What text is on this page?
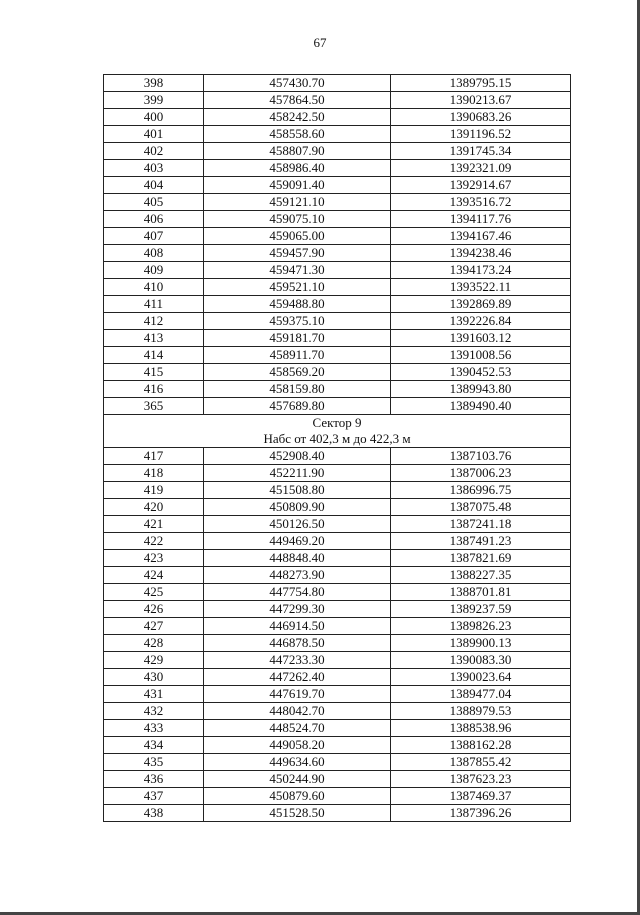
67
398	457430.70	1389795.15
399	457864.50	1390213.67
400	458242.50	1390683.26
401	458558.60	1391196.52
402	458807.90	1391745.34
403	458986.40	1392321.09
404	459091.40	1392914.67
405	459121.10	1393516.72
406	459075.10	1394117.76
407	459065.00	1394167.46
408	459457.90	1394238.46
409	459471.30	1394173.24
410	459521.10	1393522.11
411	459488.80	1392869.89
412	459375.10	1392226.84
413	459181.70	1391603.12
414	458911.70	1391008.56
415	458569.20	1390452.53
416	458159.80	1389943.80
365	457689.80	1389490.40

Сектор 9
Набс от 402,3 м до 422,3 м		

417	452908.40	1387103.76
418	452211.90	1387006.23
419	451508.80	1386996.75
420	450809.90	1387075.48
421	450126.50	1387241.18
422	449469.20	1387491.23
423	448848.40	1387821.69
424	448273.90	1388227.35
425	447754.80	1388701.81
426	447299.30	1389237.59
427	446914.50	1389826.23
428	446878.50	1389900.13
429	447233.30	1390083.30
430	447262.40	1390023.64
431	447619.70	1389477.04
432	448042.70	1388979.53
433	448524.70	1388538.96
434	449058.20	1388162.28
435	449634.60	1387855.42
436	450244.90	1387623.23
437	450879.60	1387469.37
438	451528.50	1387396.26
